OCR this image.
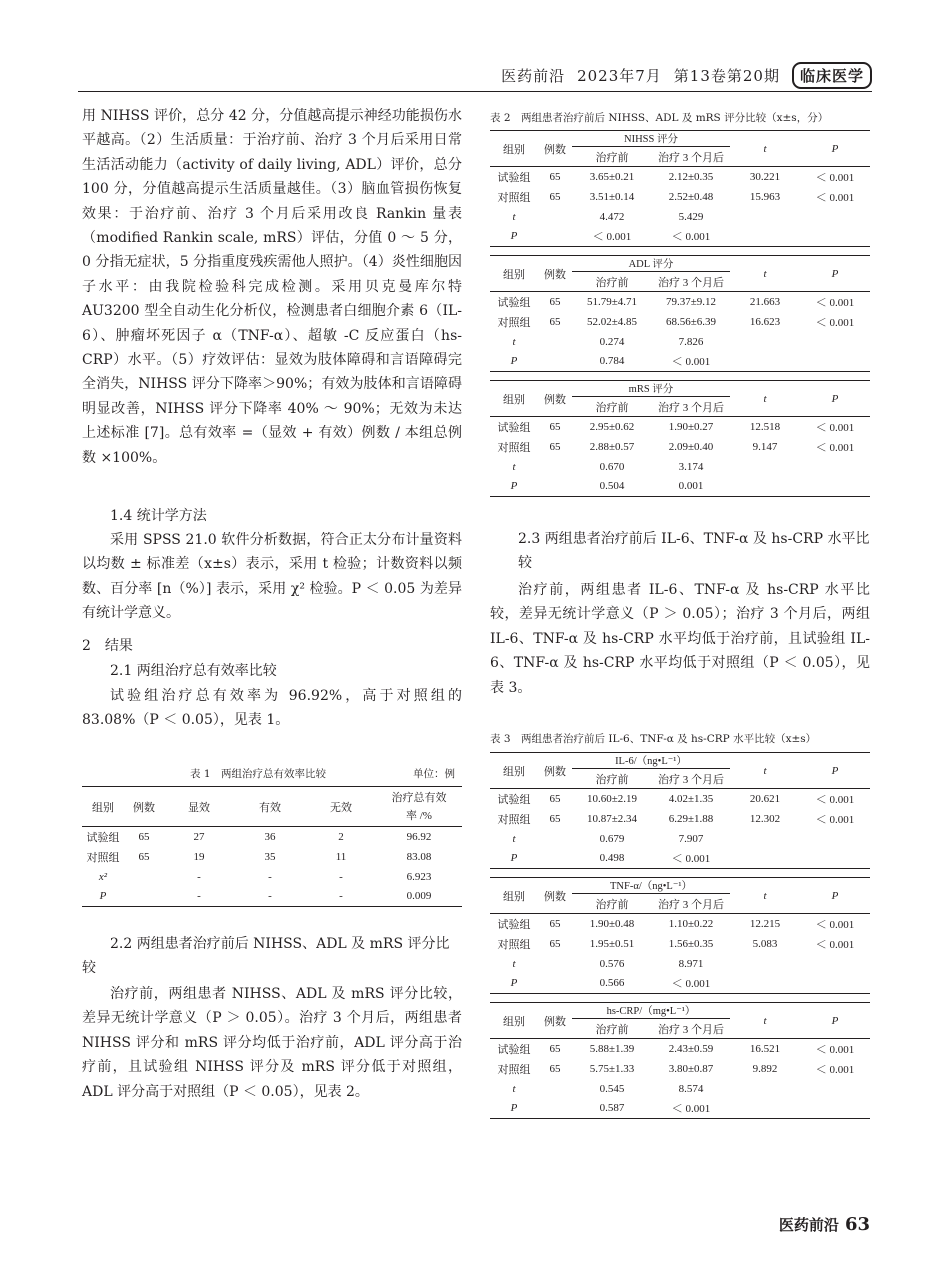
医药前沿 2023年7月 第13卷第20期	临床医学
用 NIHSS 评价，总分 42 分，分值越高提示神经功能损伤水平越高。（2）生活质量：于治疗前、治疗 3 个月后采用日常生活活动能力（activity of daily living, ADL）评价，总分 100 分，分值越高提示生活质量越佳。（3）脑血管损伤恢复效果：于治疗前、治疗 3 个月后采用改良 Rankin 量表（modified Rankin scale, mRS）评估，分值 0 ～ 5 分，0 分指无症状，5 分指重度残疾需他人照护。（4）炎性细胞因子水平：由我院检验科完成检测。采用贝克曼库尔特 AU3200 型全自动生化分析仪，检测患者白细胞介素 6（IL-6）、肿瘤坏死因子 α（TNF-α）、超敏 -C 反应蛋白（hs-CRP）水平。（5）疗效评估：显效为肢体障碍和言语障碍完全消失，NIHSS 评分下降率＞90%；有效为肢体和言语障碍明显改善，NIHSS 评分下降率 40% ～ 90%；无效为未达上述标准 [7]。总有效率 =（显效 + 有效）例数 / 本组总例数 ×100%。
1.4 统计学方法
采用 SPSS 21.0 软件分析数据，符合正太分布计量资料以均数 ± 标准差（x±s）表示，采用 t 检验；计数资料以频数、百分率 [n（%）] 表示，采用 χ² 检验。P ＜ 0.05 为差异有统计学意义。
2　结果
2.1 两组治疗总有效率比较
试验组治疗总有效率为 96.92%，高于对照组的 83.08%（P ＜ 0.05），见表 1。
表 1　两组治疗总有效率比较	单位：例
组别	例数	显效	有效	无效	治疗总有效
率 /%
试验组	65	27	36	2	96.92
对照组	65	19	35	11	83.08
x²		-	-	-	6.923
P		-	-	-	0.009
2.2 两组患者治疗前后 NIHSS、ADL 及 mRS 评分比较
治疗前，两组患者 NIHSS、ADL 及 mRS 评分比较，差异无统计学意义（P ＞ 0.05）。治疗 3 个月后，两组患者 NIHSS 评分和 mRS 评分均低于治疗前，ADL 评分高于治疗前，且试验组 NIHSS 评分及 mRS 评分低于对照组，ADL 评分高于对照组（P ＜ 0.05），见表 2。
表 2　两组患者治疗前后 NIHSS、ADL 及 mRS 评分比较（x±s，分）
组别	例数	NIHSS 评分		t	P
		治疗前	治疗 3 个月后		
试验组	65	3.65±0.21	2.12±0.35	30.221	＜ 0.001
对照组	65	3.51±0.14	2.52±0.48	15.963	＜ 0.001
t		4.472	5.429		
P		＜ 0.001	＜ 0.001		
组别	例数	ADL 评分		t	P
		治疗前	治疗 3 个月后		
试验组	65	51.79±4.71	79.37±9.12	21.663	＜ 0.001
对照组	65	52.02±4.85	68.56±6.39	16.623	＜ 0.001
t		0.274	7.826		
P		0.784	＜ 0.001		
组别	例数	mRS 评分		t	P
		治疗前	治疗 3 个月后		
试验组	65	2.95±0.62	1.90±0.27	12.518	＜ 0.001
对照组	65	2.88±0.57	2.09±0.40	9.147	＜ 0.001
t		0.670	3.174		
P		0.504	0.001		
2.3 两组患者治疗前后 IL-6、TNF-α 及 hs-CRP 水平比较
治疗前，两组患者 IL-6、TNF-α 及 hs-CRP 水平比较，差异无统计学意义（P ＞ 0.05）；治疗 3 个月后，两组 IL-6、TNF-α 及 hs-CRP 水平均低于治疗前，且试验组 IL-6、TNF-α 及 hs-CRP 水平均低于对照组（P ＜ 0.05），见表 3。
表 3　两组患者治疗前后 IL-6、TNF-α 及 hs-CRP 水平比较（x±s）
组别	例数	IL-6/（ng•L⁻¹）		t	P
		治疗前	治疗 3 个月后		
试验组	65	10.60±2.19	4.02±1.35	20.621	＜ 0.001
对照组	65	10.87±2.34	6.29±1.88	12.302	＜ 0.001
t		0.679	7.907		
P		0.498	＜ 0.001		
组别	例数	TNF-α/（ng•L⁻¹）		t	P
		治疗前	治疗 3 个月后		
试验组	65	1.90±0.48	1.10±0.22	12.215	＜ 0.001
对照组	65	1.95±0.51	1.56±0.35	5.083	＜ 0.001
t		0.576	8.971		
P		0.566	＜ 0.001		
组别	例数	hs-CRP/（mg•L⁻¹）		t	P
		治疗前	治疗 3 个月后		
试验组	65	5.88±1.39	2.43±0.59	16.521	＜ 0.001
对照组	65	5.75±1.33	3.80±0.87	9.892	＜ 0.001
t		0.545	8.574		
P		0.587	＜ 0.001		
医药前沿 63
